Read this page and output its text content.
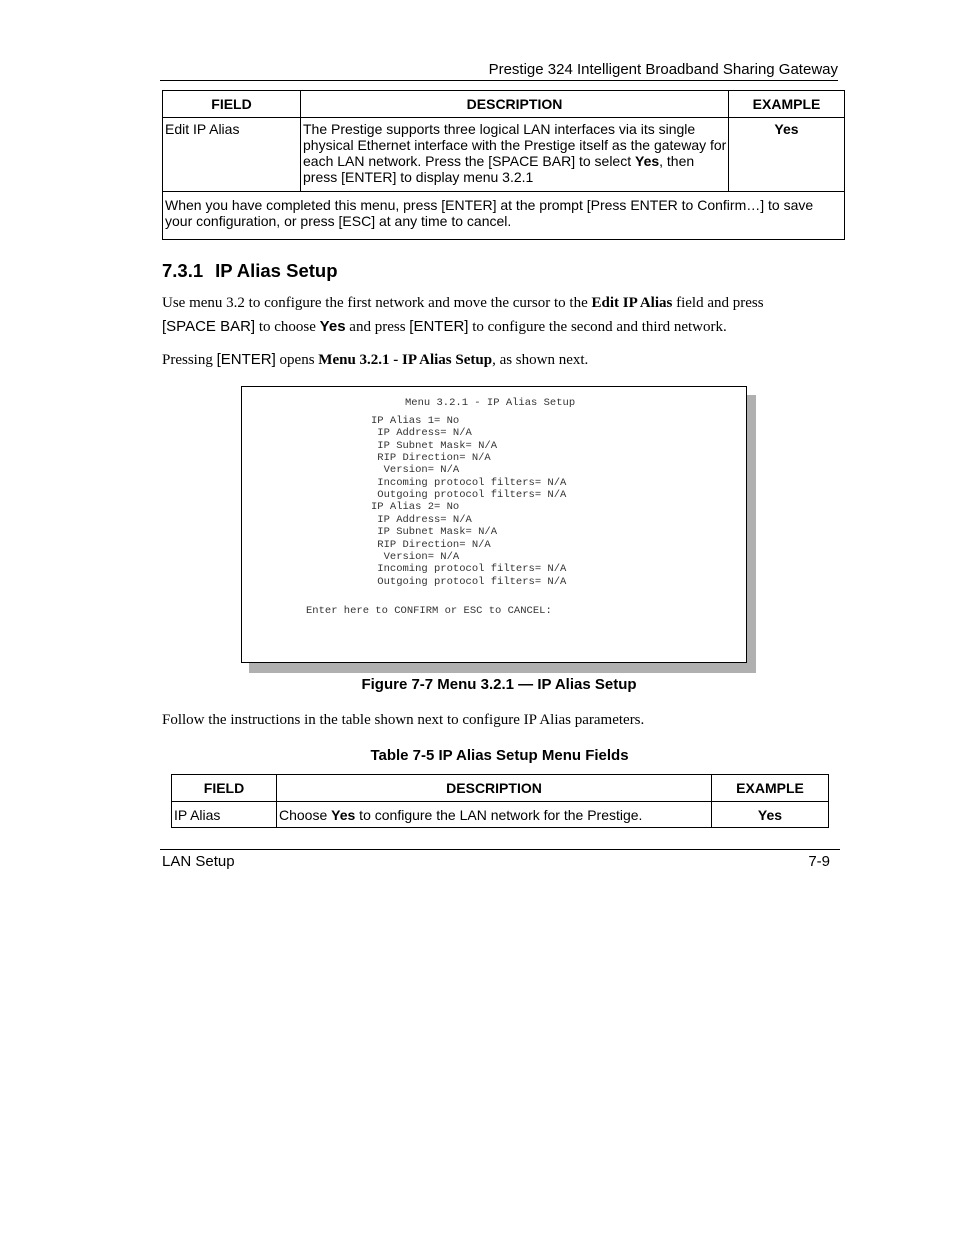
Prestige 324 Intelligent Broadband Sharing Gateway
FIELD	DESCRIPTION	EXAMPLE
Edit IP Alias	The Prestige supports three logical LAN interfaces via its single
physical Ethernet interface with the Prestige itself as the gateway for
each LAN network. Press the [SPACE BAR] to select Yes, then
press [ENTER] to display menu 3.2.1	Yes
When you have completed this menu, press [ENTER] at the prompt [Press ENTER to Confirm…] to save
your configuration, or press [ESC] at any time to cancel.		
7.3.1 IP Alias Setup
Use menu 3.2 to configure the first network and move the cursor to the Edit IP Alias field and press
[SPACE BAR] to choose Yes and press [ENTER] to configure the second and third network.
Pressing [ENTER] opens Menu 3.2.1 - IP Alias Setup, as shown next.
Menu 3.2.1 - IP Alias Setup
IP Alias 1= No
IP Address= N/A
IP Subnet Mask= N/A
RIP Direction= N/A
Version= N/A
Incoming protocol filters= N/A
Outgoing protocol filters= N/A
IP Alias 2= No
IP Address= N/A
IP Subnet Mask= N/A
RIP Direction= N/A
Version= N/A
Incoming protocol filters= N/A
Outgoing protocol filters= N/A
Enter here to CONFIRM or ESC to CANCEL:
Figure 7-7 Menu 3.2.1 — IP Alias Setup
Follow the instructions in the table shown next to configure IP Alias parameters.
Table 7-5 IP Alias Setup Menu Fields
FIELD	DESCRIPTION	EXAMPLE
IP Alias	Choose Yes to configure the LAN network for the Prestige.	Yes
LAN Setup	7-9
